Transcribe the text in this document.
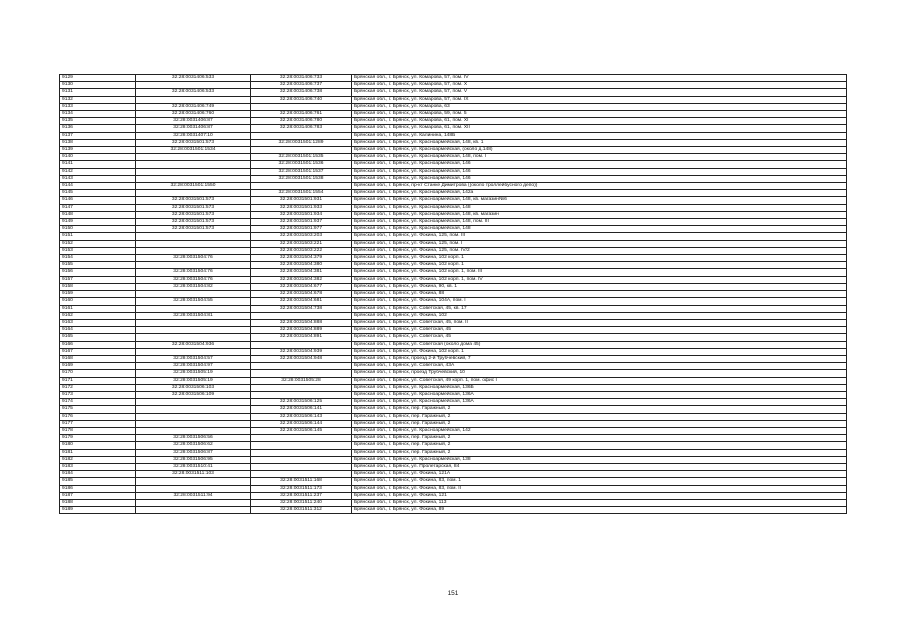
9129	32:28:0031406:533	32:28:0031406:733	Брянская обл., г. Брянск, ул. Комарова, 57, пом. IV
9130		32:28:0031406:737	Брянская обл., г. Брянск, ул. Комарова, 57, пом. X
9131	32:28:0031406:533	32:28:0031406:738	Брянская обл., г. Брянск, ул. Комарова, 57, пом. V
9132		32:28:0031406:740	Брянская обл., г. Брянск, ул. Комарова, 57, пом. IX
9133	32:28:0031406:749		Брянская обл., г. Брянск, ул. Комарова, 63
9134	32:28:0031406:760	32:28:0031406:761	Брянская обл., г. Брянск, ул. Комарова, 59, пом. 5
9135	32:28:0031406:87	32:28:0031406:780	Брянская обл., г. Брянск, ул. Комарова, 61, пом. XI
9136	32:28:0031406:87	32:28:0031406:783	Брянская обл., г. Брянск, ул. Комарова, 61, пом. XII
9137	32:28:0031407:10		Брянская обл., г. Брянск, ул. Калинина, 148Б
9138	32:28:0031501:573	32:28:0031501:1289	Брянская обл., г. Брянск, ул. Красноармейская, 148, кв. 1
9139	32:28:0031501:1534		Брянская обл., г. Брянск, ул. Красноармейская, (около д.148)
9140		32:28:0031501:1535	Брянская обл., г. Брянск, ул. Красноармейская, 148, пом. I
9141		32:28:0031501:1536	Брянская обл., г. Брянск, ул. Красноармейская, 146
9142		32:28:0031501:1537	Брянская обл., г. Брянск, ул. Красноармейская, 146
9143		32:28:0031501:1538	Брянская обл., г. Брянск, ул. Красноармейская, 146
9144	32:28:0031501:1550		Брянская обл., г. Брянск, пр-кт Станке Димитрова ((около троллейбусного депо))
9145		32:28:0031501:1554	Брянская обл., г. Брянск, ул. Красноармейская, 142а
9146	32:28:0031501:573	32:28:0031501:931	Брянская обл., г. Брянск, ул. Красноармейская, 148, кв. магазин№6
9147	32:28:0031501:573	32:28:0031501:933	Брянская обл., г. Брянск, ул. Красноармейская, 148
9148	32:28:0031501:573	32:28:0031501:934	Брянская обл., г. Брянск, ул. Красноармейская, 148, кв. магазин
9149	32:28:0031501:573	32:28:0031501:937	Брянская обл., г. Брянск, ул. Красноармейская, 148, пом. III
9150	32:28:0031501:573	32:28:0031501:977	Брянская обл., г. Брянск, ул. Красноармейская, 148
9151		32:28:0031503:203	Брянская обл., г. Брянск, ул. Фокина, 125, пом. III
9152		32:28:0031503:221	Брянская обл., г. Брянск, ул. Фокина, 125, пом. I
9153		32:28:0031503:222	Брянская обл., г. Брянск, ул. Фокина, 125, пом. IV/2
9154	32:28:0031504:76	32:28:0031504:379	Брянская обл., г. Брянск, ул. Фокина, 102 корп. 1
9155		32:28:0031504:380	Брянская обл., г. Брянск, ул. Фокина, 102 корп. 1
9156	32:28:0031504:76	32:28:0031504:381	Брянская обл., г. Брянск, ул. Фокина, 102 корп. 1, пом. III
9157	32:28:0031504:76	32:28:0031504:382	Брянская обл., г. Брянск, ул. Фокина, 102 корп. 1, пом. IV
9158	32:28:0031504:82	32:28:0031504:677	Брянская обл., г. Брянск, ул. Фокина, 90, кв. 1
9159		32:28:0031504:678	Брянская обл., г. Брянск, ул. Фокина, 88
9160	32:28:0031504:55	32:28:0031504:681	Брянская обл., г. Брянск, ул. Фокина, 104А, пом. I
9161		32:28:0031504:738	Брянская обл., г. Брянск, ул. Советская, 45, кв. 17
9162	32:28:0031504:81		Брянская обл., г. Брянск, ул. Фокина, 102
9163		32:28:0031504:888	Брянская обл., г. Брянск, ул. Советская, 45, пом. II
9164		32:28:0031504:889	Брянская обл., г. Брянск, ул. Советская, 45
9165		32:28:0031504:891	Брянская обл., г. Брянск, ул. Советская, 45
9166	32:28:0031504:936		Брянская обл., г. Брянск, ул. Советская (около дома 45)
9167		32:28:0031504:939	Брянская обл., г. Брянск, ул. Фокина, 102 корп. 1
9168	32:28:0031504:57	32:28:0031504:948	Брянская обл., г. Брянск, проезд 2-й Трубчевский, 7
9169	32:28:0031504:97		Брянская обл., г. Брянск, ул. Советская, 43А
9170	32:28:0031505:19		Брянская обл., г. Брянск, проезд Трубчевский, 10
9171	32:28:0031505:19	32:28:0031505:28	Брянская обл., г. Брянск, ул. Советская, 49 корп. 1, пом. офис I
9172	32:28:0031506:103		Брянская обл., г. Брянск, ул. Красноармейская, 136Б
9173	32:28:0031506:109		Брянская обл., г. Брянск, ул. Красноармейская, 136А
9174		32:28:0031506:125	Брянская обл., г. Брянск, ул. Красноармейская, 136А
9175		32:28:0031506:141	Брянская обл., г. Брянск, пер. Гаражный, 2
9176		32:28:0031506:143	Брянская обл., г. Брянск, пер. Гаражный, 2
9177		32:28:0031506:144	Брянская обл., г. Брянск, пер. Гаражный, 2
9178		32:28:0031506:145	Брянская обл., г. Брянск, ул. Красноармейская, 142
9179	32:28:0031506:56		Брянская обл., г. Брянск, пер. Гаражный, 2
9180	32:28:0031506:62		Брянская обл., г. Брянск, пер. Гаражный, 2
9181	32:28:0031506:87		Брянская обл., г. Брянск, пер. Гаражный, 2
9182	32:28:0031506:95		Брянская обл., г. Брянск, ул. Красноармейская, 138
9183	32:28:0031510:41		Брянская обл., г. Брянск, ул. Пролетарская, 84
9184	32:28:0031511:103		Брянская обл., г. Брянск, ул. Фокина, 121А
9185		32:28:0031511:168	Брянская обл., г. Брянск, ул. Фокина, 83, пом. 1
9186		32:28:0031511:173	Брянская обл., г. Брянск, ул. Фокина, 83, пом. II
9187	32:28:0031511:94	32:28:0031511:237	Брянская обл., г. Брянск, ул. Фокина, 121
9188		32:28:0031511:240	Брянская обл., г. Брянск, ул. Фокина, 113
9189		32:28:0031511:312	Брянская обл., г. Брянск, ул. Фокина, 89
151
